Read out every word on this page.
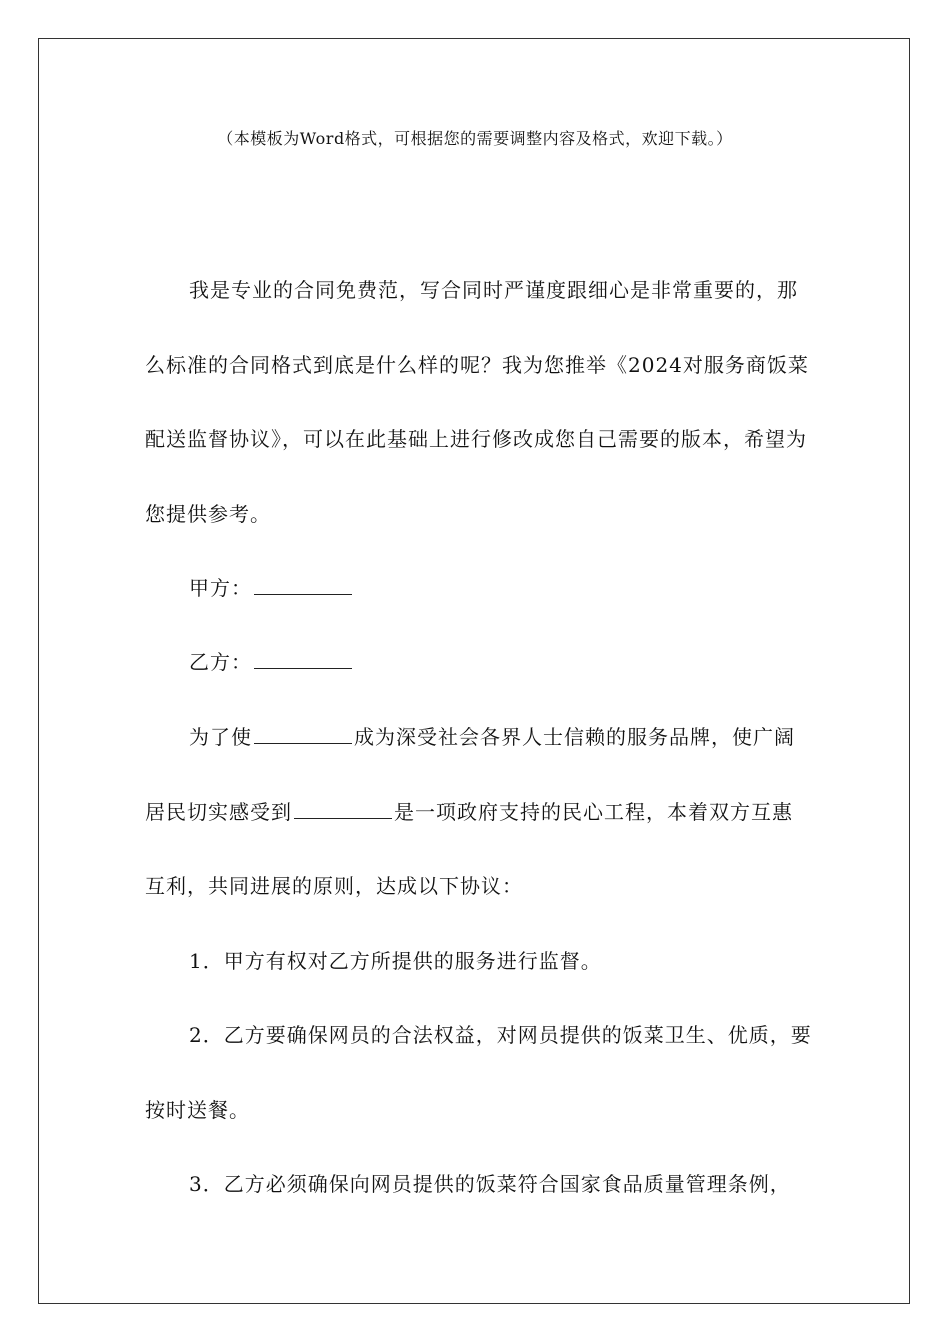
（本模板为Word格式，可根据您的需要调整内容及格式，欢迎下载。）

我是专业的合同免费范，写合同时严谨度跟细心是非常重要的，那么标准的合同格式到底是什么样的呢？我为您推举《2024对服务商饭菜配送监督协议》，可以在此基础上进行修改成您自己需要的版本，希望为您提供参考。

甲方：

乙方：

为了使	成为深受社会各界人士信赖的服务品牌，使广阔居民切实感受到	是一项政府支持的民心工程，本着双方互惠互利，共同进展的原则，达成以下协议：

1．甲方有权对乙方所提供的服务进行监督。

2．乙方要确保网员的合法权益，对网员提供的饭菜卫生、优质，要按时送餐。

3．乙方必须确保向网员提供的饭菜符合国家食品质量管理条例，
